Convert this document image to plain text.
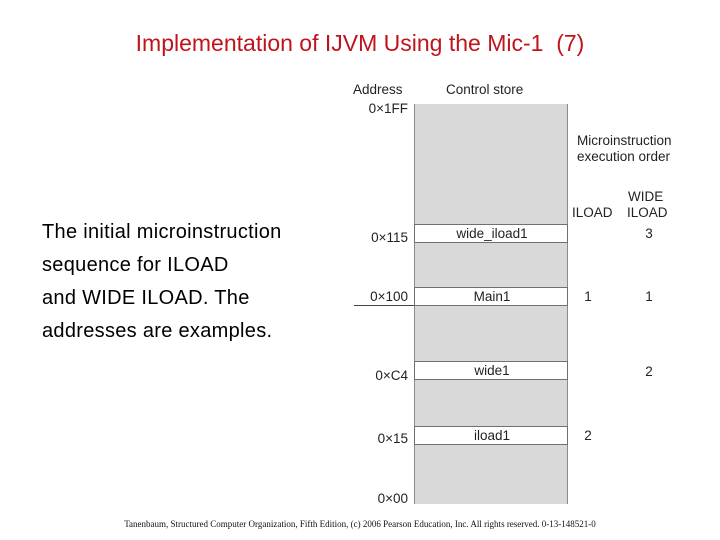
Implementation of IJVM Using the Mic-1  (7)
The initial microinstruction
sequence for ILOAD
and WIDE ILOAD. The
addresses are examples.
Address	Control store
Microinstruction
execution order
WIDE
ILOAD ILOAD
wide_iload1
Main1
wide1
iload1
0×1FF
0×115
0×100
0×C4
0×15
0×00
3
1	1
2
2
Tanenbaum, Structured Computer Organization, Fifth Edition, (c) 2006 Pearson Education, Inc. All rights reserved. 0-13-148521-0
